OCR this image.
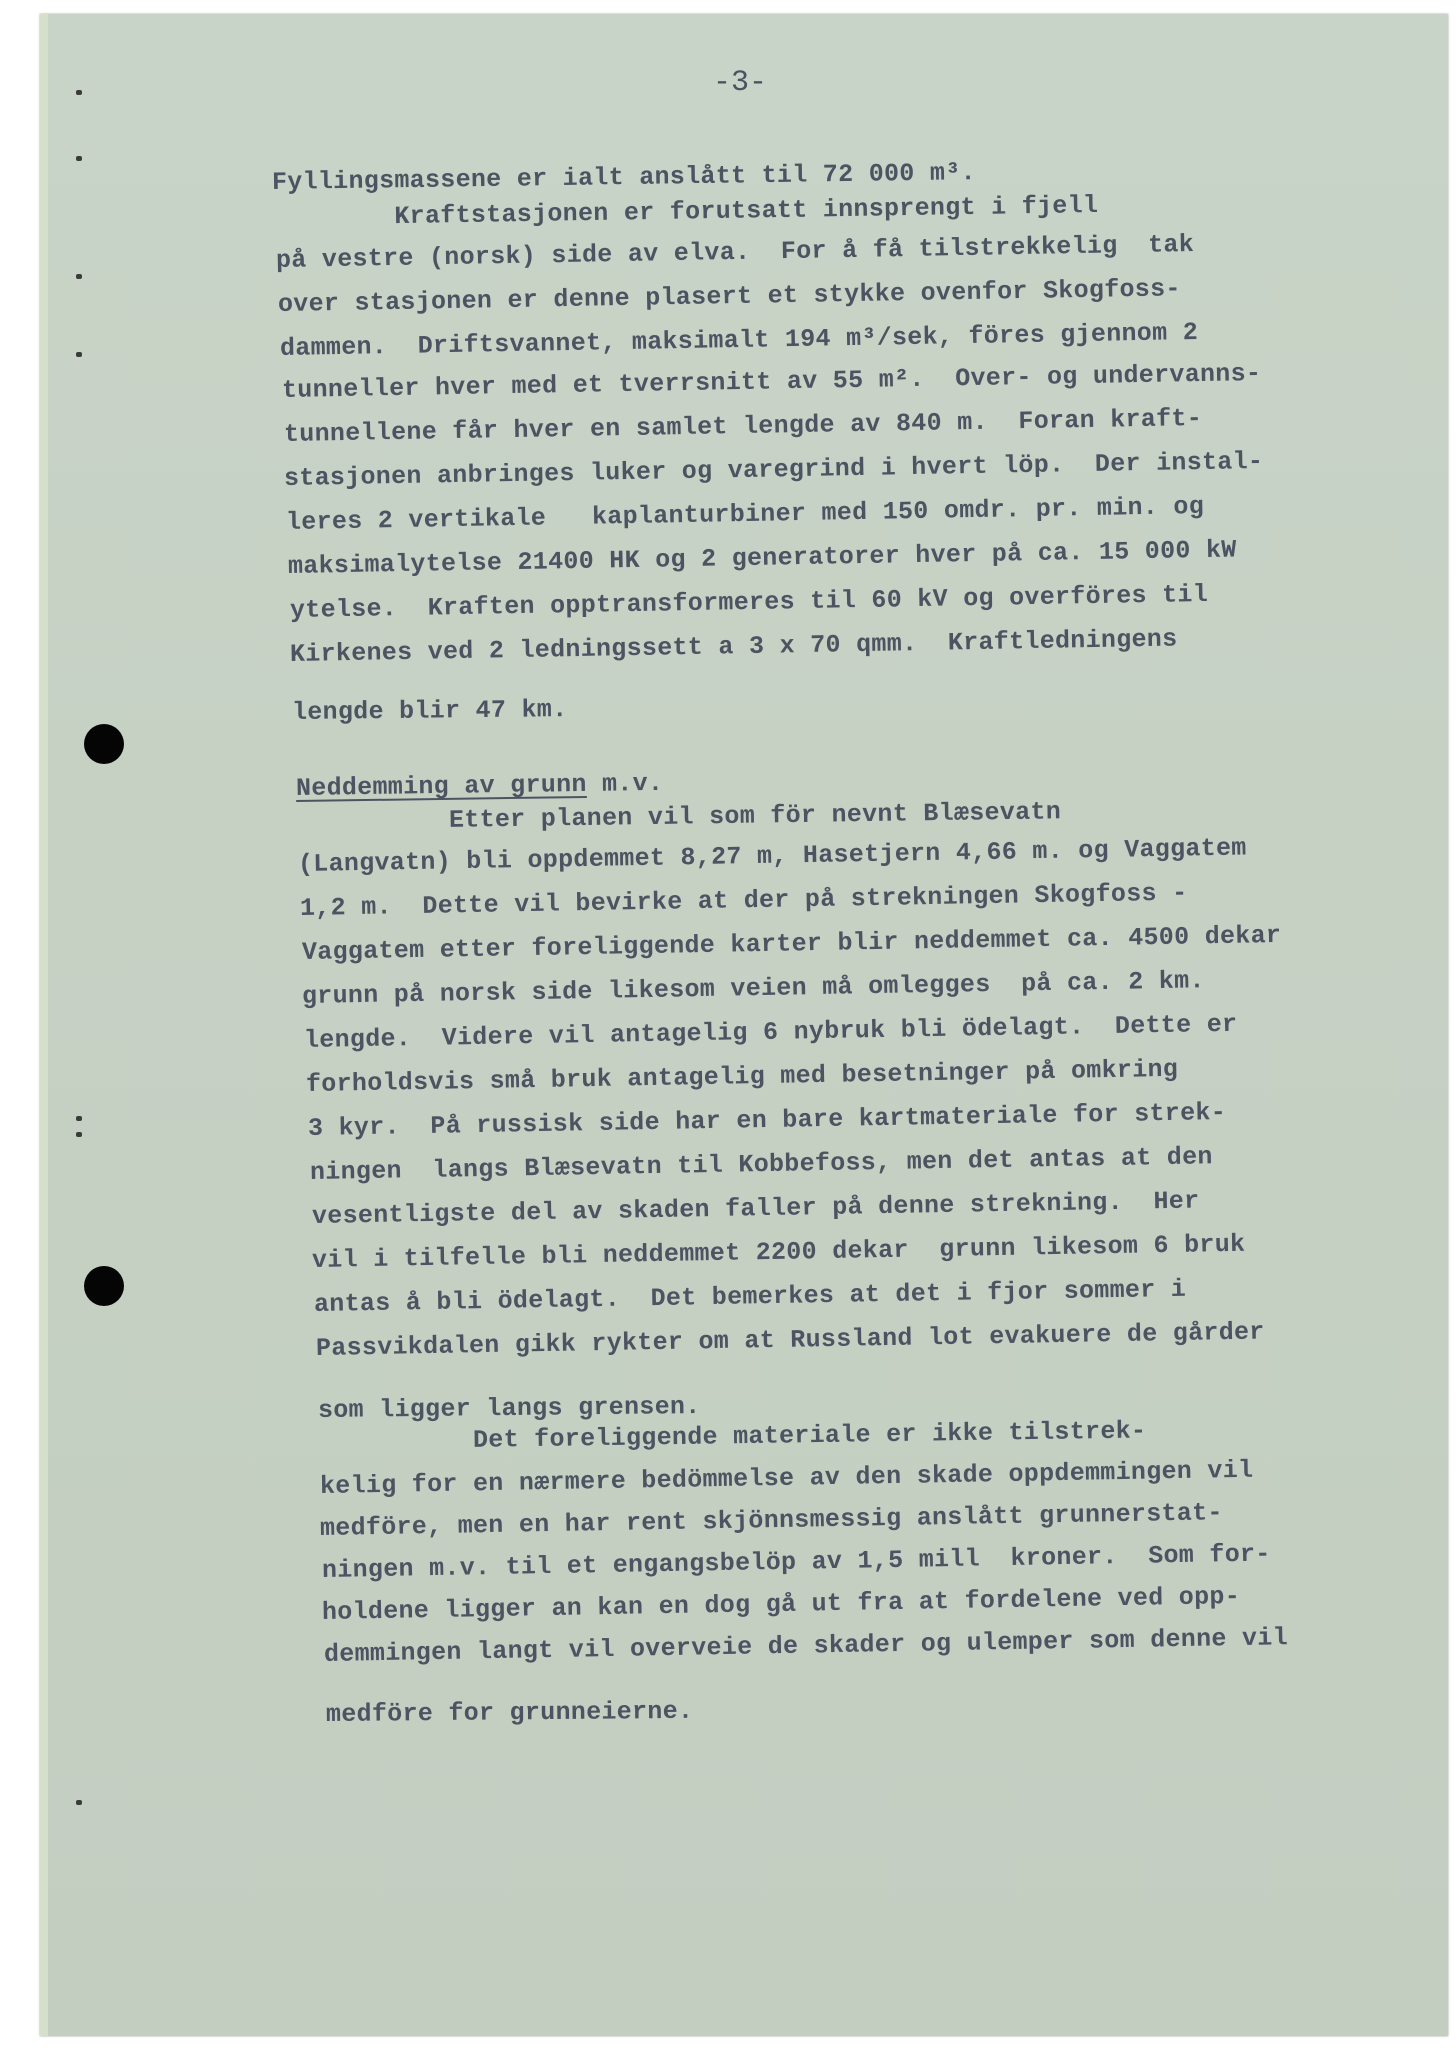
-3-
Fyllingsmassene er ialt anslått til 72 000 m³.
Kraftstasjonen er forutsatt innsprengt i fjell
på vestre (norsk) side av elva.  For å få tilstrekkelig  tak
over stasjonen er denne plasert et stykke ovenfor Skogfoss-
dammen.  Driftsvannet, maksimalt 194 m³/sek, föres gjennom 2
tunneller hver med et tverrsnitt av 55 m².  Over- og undervanns-
tunnellene får hver en samlet lengde av 840 m.  Foran kraft-
stasjonen anbringes luker og varegrind i hvert löp.  Der instal-
leres 2 vertikale   kaplanturbiner med 150 omdr. pr. min. og
maksimalytelse 21400 HK og 2 generatorer hver på ca. 15 000 kW
ytelse.  Kraften opptransformeres til 60 kV og overföres til
Kirkenes ved 2 ledningssett a 3 x 70 qmm.  Kraftledningens
lengde blir 47 km.
Neddemming av grunn m.v.
Etter planen vil som för nevnt Blæsevatn
(Langvatn) bli oppdemmet 8,27 m, Hasetjern 4,66 m. og Vaggatem
1,2 m.  Dette vil bevirke at der på strekningen Skogfoss -
Vaggatem etter foreliggende karter blir neddemmet ca. 4500 dekar
grunn på norsk side likesom veien må omlegges  på ca. 2 km.
lengde.  Videre vil antagelig 6 nybruk bli ödelagt.  Dette er
forholdsvis små bruk antagelig med besetninger på omkring
3 kyr.  På russisk side har en bare kartmateriale for strek-
ningen  langs Blæsevatn til Kobbefoss, men det antas at den
vesentligste del av skaden faller på denne strekning.  Her
vil i tilfelle bli neddemmet 2200 dekar  grunn likesom 6 bruk
antas å bli ödelagt.  Det bemerkes at det i fjor sommer i
Passvikdalen gikk rykter om at Russland lot evakuere de gårder
som ligger langs grensen.
Det foreliggende materiale er ikke tilstrek-
kelig for en nærmere bedömmelse av den skade oppdemmingen vil
medföre, men en har rent skjönnsmessig anslått grunnerstat-
ningen m.v. til et engangsbelöp av 1,5 mill  kroner.  Som for-
holdene ligger an kan en dog gå ut fra at fordelene ved opp-
demmingen langt vil overveie de skader og ulemper som denne vil
medföre for grunneierne.
